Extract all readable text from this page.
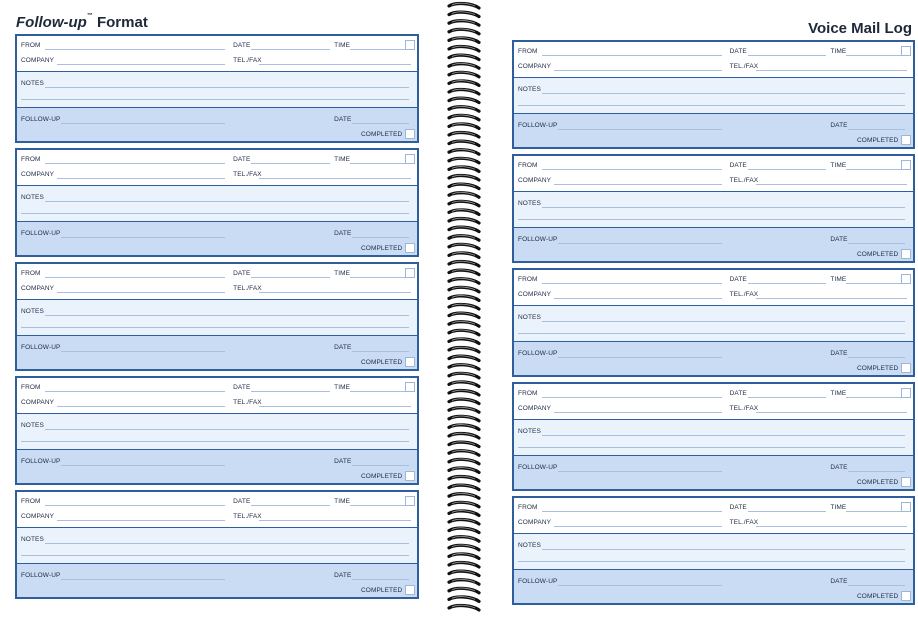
Follow-up™ Format	Voice Mail Log
FROM	DATE	TIME
COMPANY	TEL./FAX
NOTES
FOLLOW-UP	DATE
COMPLETED
FROM	DATE	TIME
COMPANY	TEL./FAX
NOTES
FOLLOW-UP	DATE
COMPLETED
FROM	DATE	TIME
COMPANY	TEL./FAX
NOTES
FOLLOW-UP	DATE
COMPLETED
FROM	DATE	TIME
COMPANY	TEL./FAX
NOTES
FOLLOW-UP	DATE
COMPLETED
FROM	DATE	TIME
COMPANY	TEL./FAX
NOTES
FOLLOW-UP	DATE
COMPLETED
FROM	DATE	TIME
COMPANY	TEL./FAX
NOTES
FOLLOW-UP	DATE
COMPLETED
FROM	DATE	TIME
COMPANY	TEL./FAX
NOTES
FOLLOW-UP	DATE
COMPLETED
FROM	DATE	TIME
COMPANY	TEL./FAX
NOTES
FOLLOW-UP	DATE
COMPLETED
FROM	DATE	TIME
COMPANY	TEL./FAX
NOTES
FOLLOW-UP	DATE
COMPLETED
FROM	DATE	TIME
COMPANY	TEL./FAX
NOTES
FOLLOW-UP	DATE
COMPLETED
